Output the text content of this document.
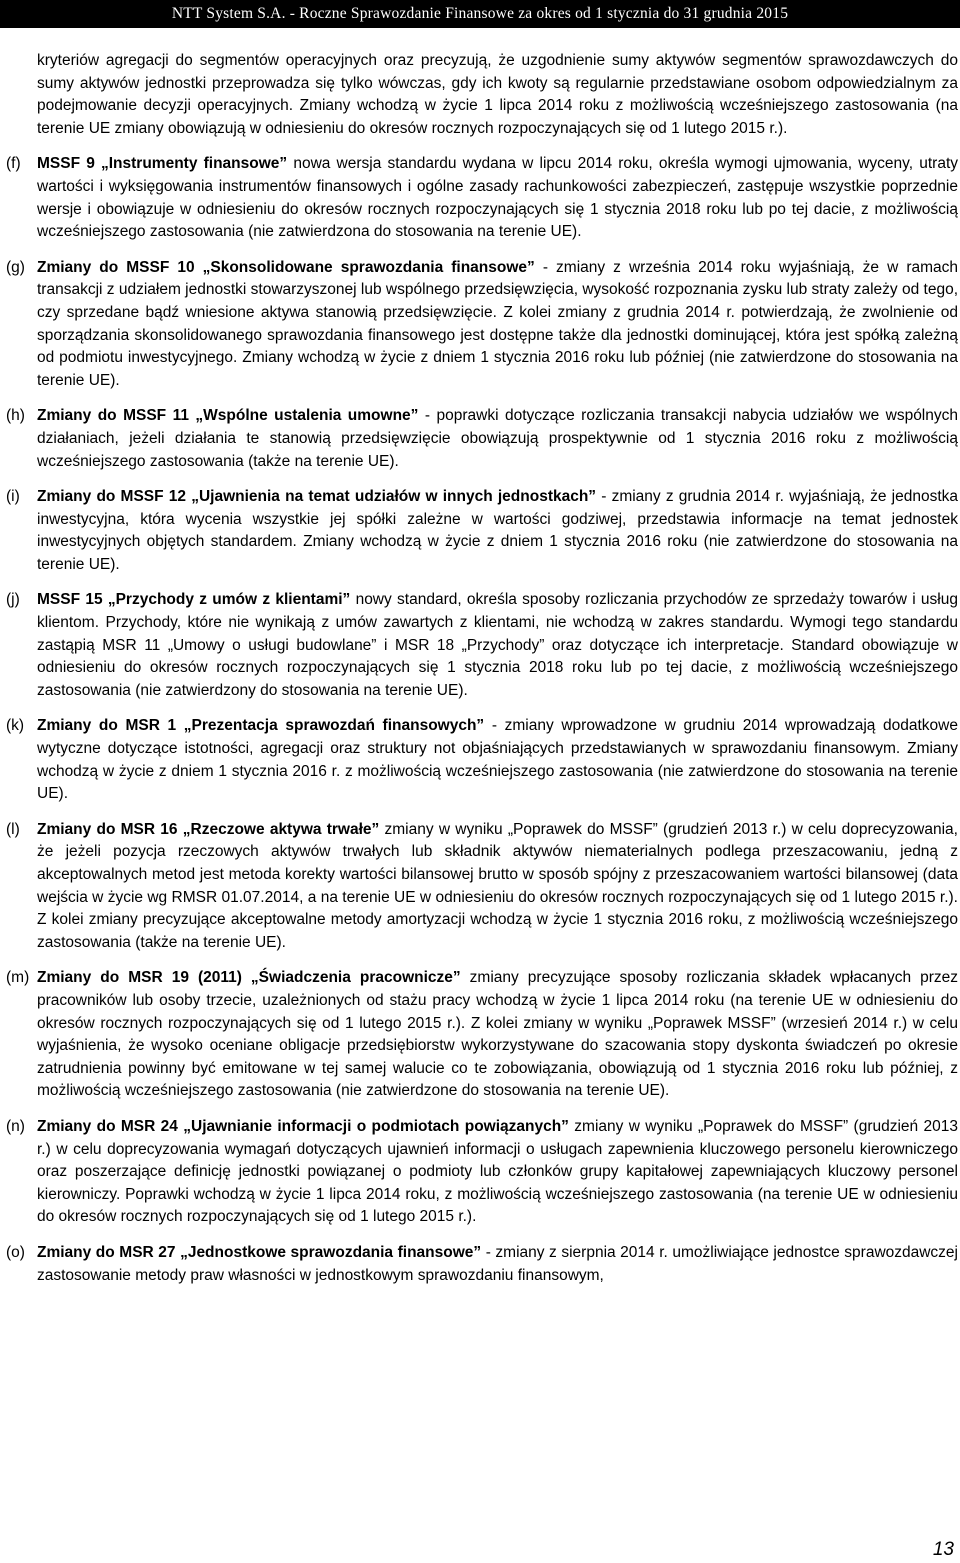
NTT System S.A. - Roczne Sprawozdanie Finansowe za okres od 1 stycznia do 31 grudnia 2015

kryteriów agregacji do segmentów operacyjnych oraz precyzują, że uzgodnienie sumy aktywów segmentów sprawozdawczych do sumy aktywów jednostki przeprowadza się tylko wówczas, gdy ich kwoty są regularnie przedstawiane osobom odpowiedzialnym za podejmowanie decyzji operacyjnych. Zmiany wchodzą w życie 1 lipca 2014 roku z możliwością wcześniejszego zastosowania (na terenie UE zmiany obowiązują w odniesieniu do okresów rocznych rozpoczynających się od 1 lutego 2015 r.).

(f) MSSF 9 „Instrumenty finansowe” nowa wersja standardu wydana w lipcu 2014 roku, określa wymogi ujmowania, wyceny, utraty wartości i wyksięgowania instrumentów finansowych i ogólne zasady rachunkowości zabezpieczeń, zastępuje wszystkie poprzednie wersje i obowiązuje w odniesieniu do okresów rocznych rozpoczynających się 1 stycznia 2018 roku lub po tej dacie, z możliwością wcześniejszego zastosowania (nie zatwierdzona do stosowania na terenie UE).

(g) Zmiany do MSSF 10 „Skonsolidowane sprawozdania finansowe” - zmiany z września 2014 roku wyjaśniają, że w ramach transakcji z udziałem jednostki stowarzyszonej lub wspólnego przedsięwzięcia, wysokość rozpoznania zysku lub straty zależy od tego, czy sprzedane bądź wniesione aktywa stanowią przedsięwzięcie. Z kolei zmiany z grudnia 2014 r. potwierdzają, że zwolnienie od sporządzania skonsolidowanego sprawozdania finansowego jest dostępne także dla jednostki dominującej, która jest spółką zależną od podmiotu inwestycyjnego. Zmiany wchodzą w życie z dniem 1 stycznia 2016 roku lub później (nie zatwierdzone do stosowania na terenie UE).

(h) Zmiany do MSSF 11 „Wspólne ustalenia umowne” - poprawki dotyczące rozliczania transakcji nabycia udziałów we wspólnych działaniach, jeżeli działania te stanowią przedsięwzięcie obowiązują prospektywnie od 1 stycznia 2016 roku z możliwością wcześniejszego zastosowania (także na terenie UE).

(i) Zmiany do MSSF 12 „Ujawnienia na temat udziałów w innych jednostkach” - zmiany z grudnia 2014 r. wyjaśniają, że jednostka inwestycyjna, która wycenia wszystkie jej spółki zależne w wartości godziwej, przedstawia informacje na temat jednostek inwestycyjnych objętych standardem. Zmiany wchodzą w życie z dniem 1 stycznia 2016 roku (nie zatwierdzone do stosowania na terenie UE).

(j) MSSF 15 „Przychody z umów z klientami” nowy standard, określa sposoby rozliczania przychodów ze sprzedaży towarów i usług klientom. Przychody, które nie wynikają z umów zawartych z klientami, nie wchodzą w zakres standardu. Wymogi tego standardu zastąpią MSR 11 „Umowy o usługi budowlane” i MSR 18 „Przychody” oraz dotyczące ich interpretacje. Standard obowiązuje w odniesieniu do okresów rocznych rozpoczynających się 1 stycznia 2018 roku lub po tej dacie, z możliwością wcześniejszego zastosowania (nie zatwierdzony do stosowania na terenie UE).

(k) Zmiany do MSR 1 „Prezentacja sprawozdań finansowych” - zmiany wprowadzone w grudniu 2014 wprowadzają dodatkowe wytyczne dotyczące istotności, agregacji oraz struktury not objaśniających przedstawianych w sprawozdaniu finansowym. Zmiany wchodzą w życie z dniem 1 stycznia 2016 r. z możliwością wcześniejszego zastosowania (nie zatwierdzone do stosowania na terenie UE).

(l) Zmiany do MSR 16 „Rzeczowe aktywa trwałe” zmiany w wyniku „Poprawek do MSSF” (grudzień 2013 r.) w celu doprecyzowania, że jeżeli pozycja rzeczowych aktywów trwałych lub składnik aktywów niematerialnych podlega przeszacowaniu, jedną z akceptowalnych metod jest metoda korekty wartości bilansowej brutto w sposób spójny z przeszacowaniem wartości bilansowej (data wejścia w życie wg RMSR 01.07.2014, a na terenie UE w odniesieniu do okresów rocznych rozpoczynających się od 1 lutego 2015 r.). Z kolei zmiany precyzujące akceptowalne metody amortyzacji wchodzą w życie 1 stycznia 2016 roku, z możliwością wcześniejszego zastosowania (także na terenie UE).

(m) Zmiany do MSR 19 (2011) „Świadczenia pracownicze” zmiany precyzujące sposoby rozliczania składek wpłacanych przez pracowników lub osoby trzecie, uzależnionych od stażu pracy wchodzą w życie 1 lipca 2014 roku (na terenie UE w odniesieniu do okresów rocznych rozpoczynających się od 1 lutego 2015 r.). Z kolei zmiany w wyniku „Poprawek MSSF” (wrzesień 2014 r.) w celu wyjaśnienia, że wysoko oceniane obligacje przedsiębiorstw wykorzystywane do szacowania stopy dyskonta świadczeń po okresie zatrudnienia powinny być emitowane w tej samej walucie co te zobowiązania, obowiązują od 1 stycznia 2016 roku lub później, z możliwością wcześniejszego zastosowania (nie zatwierdzone do stosowania na terenie UE).

(n) Zmiany do MSR 24 „Ujawnianie informacji o podmiotach powiązanych” zmiany w wyniku „Poprawek do MSSF” (grudzień 2013 r.) w celu doprecyzowania wymagań dotyczących ujawnień informacji o usługach zapewnienia kluczowego personelu kierowniczego oraz poszerzające definicję jednostki powiązanej o podmioty lub członków grupy kapitałowej zapewniających kluczowy personel kierowniczy. Poprawki wchodzą w życie 1 lipca 2014 roku, z możliwością wcześniejszego zastosowania (na terenie UE w odniesieniu do okresów rocznych rozpoczynających się od 1 lutego 2015 r.).

(o) Zmiany do MSR 27 „Jednostkowe sprawozdania finansowe” - zmiany z sierpnia 2014 r. umożliwiające jednostce sprawozdawczej zastosowanie metody praw własności w jednostkowym sprawozdaniu finansowym,

13
